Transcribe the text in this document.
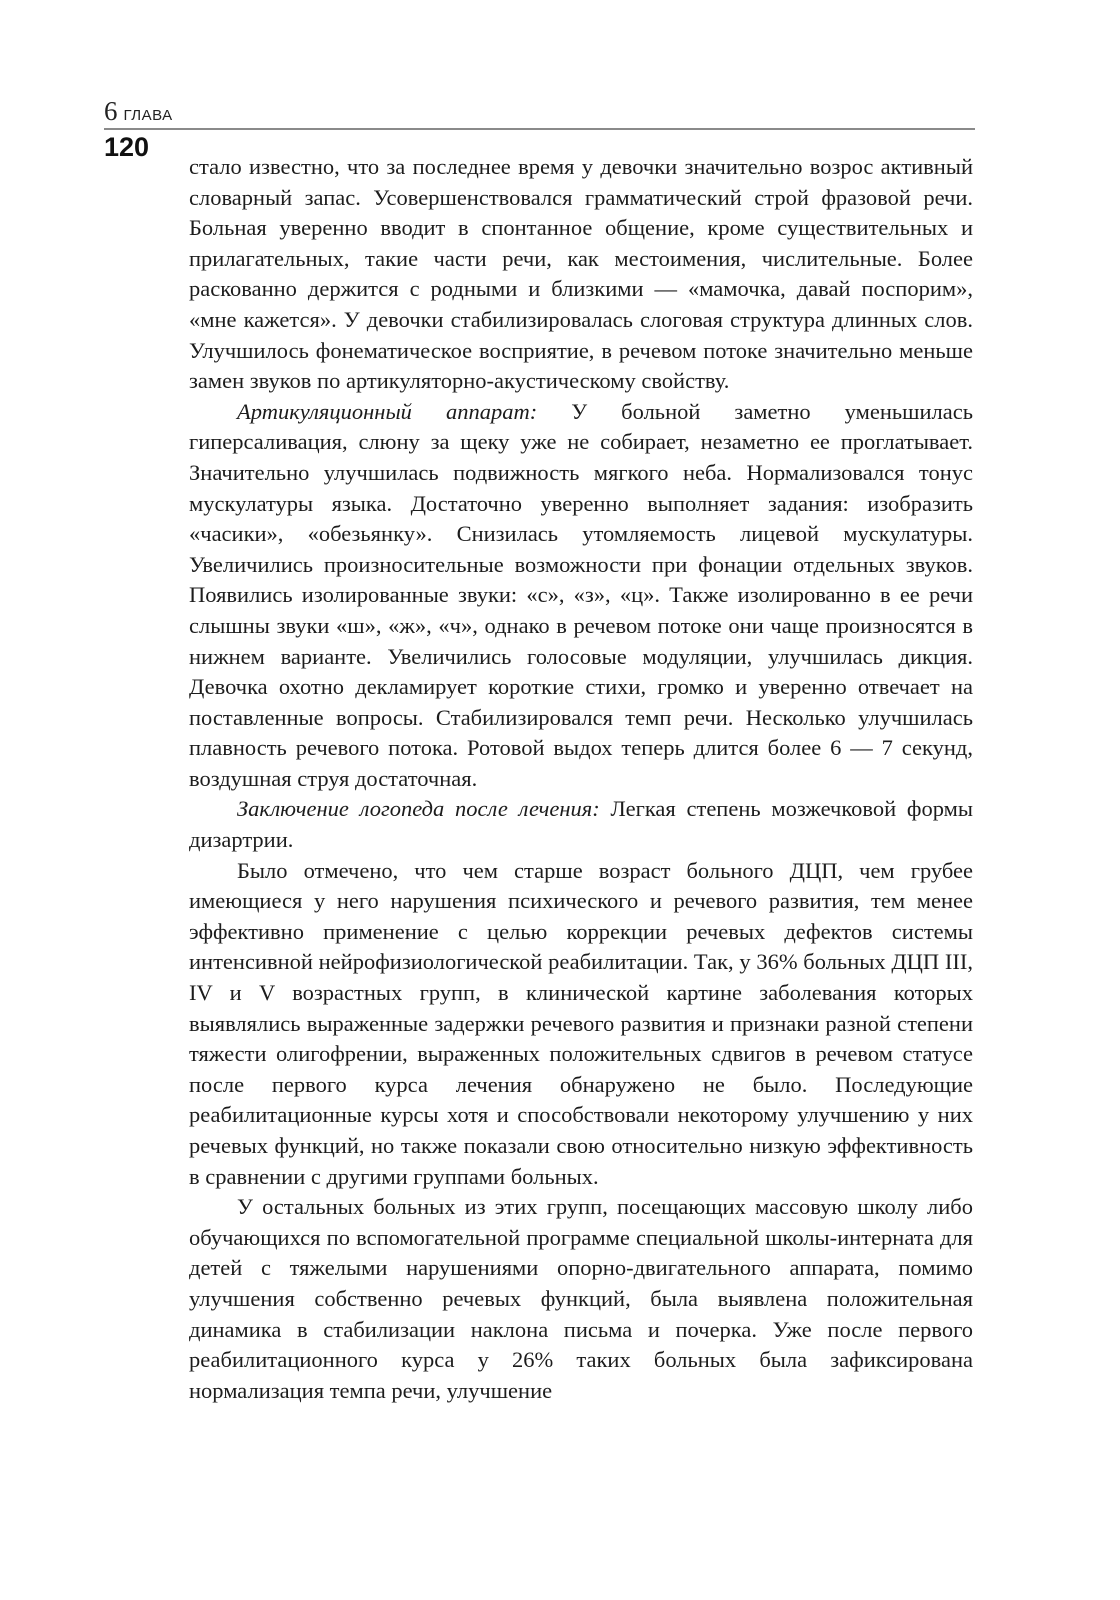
6 ГЛАВА
120

стало известно, что за последнее время у девочки значительно возрос активный словарный запас. Усовершенствовался грамматический строй фразовой речи. Больная уверенно вводит в спонтанное общение, кроме существительных и прилагательных, такие части речи, как местоимения, числительные. Более раскованно держится с родными и близкими — «мамочка, давай поспорим», «мне кажется». У девочки стабилизировалась слоговая структура длинных слов. Улучшилось фонематическое восприятие, в речевом потоке значительно меньше замен звуков по артикуляторно-акустическому свойству.

Артикуляционный аппарат: У больной заметно уменьшилась гиперсаливация, слюну за щеку уже не собирает, незаметно ее проглатывает. Значительно улучшилась подвижность мягкого неба. Нормализовался тонус мускулатуры языка. Достаточно уверенно выполняет задания: изобразить «часики», «обезьянку». Снизилась утомляемость лицевой мускулатуры. Увеличились произносительные возможности при фонации отдельных звуков. Появились изолированные звуки: «с», «з», «ц». Также изолированно в ее речи слышны звуки «ш», «ж», «ч», однако в речевом потоке они чаще произносятся в нижнем варианте. Увеличились голосовые модуляции, улучшилась дикция. Девочка охотно декламирует короткие стихи, громко и уверенно отвечает на поставленные вопросы. Стабилизировался темп речи. Несколько улучшилась плавность речевого потока. Ротовой выдох теперь длится более 6 — 7 секунд, воздушная струя достаточная.

Заключение логопеда после лечения: Легкая степень мозжечковой формы дизартрии.

Было отмечено, что чем старше возраст больного ДЦП, чем грубее имеющиеся у него нарушения психического и речевого развития, тем менее эффективно применение с целью коррекции речевых дефектов системы интенсивной нейрофизиологической реабилитации. Так, у 36% больных ДЦП III, IV и V возрастных групп, в клинической картине заболевания которых выявлялись выраженные задержки речевого развития и признаки разной степени тяжести олигофрении, выраженных положительных сдвигов в речевом статусе после первого курса лечения обнаружено не было. Последующие реабилитационные курсы хотя и способствовали некоторому улучшению у них речевых функций, но также показали свою относительно низкую эффективность в сравнении с другими группами больных.

У остальных больных из этих групп, посещающих массовую школу либо обучающихся по вспомогательной программе специальной школы-интерната для детей с тяжелыми нарушениями опорно-двигательного аппарата, помимо улучшения собственно речевых функций, была выявлена положительная динамика в стабилизации наклона письма и почерка. Уже после первого реабилитационного курса у 26% таких больных была зафиксирована нормализация темпа речи, улучшение
